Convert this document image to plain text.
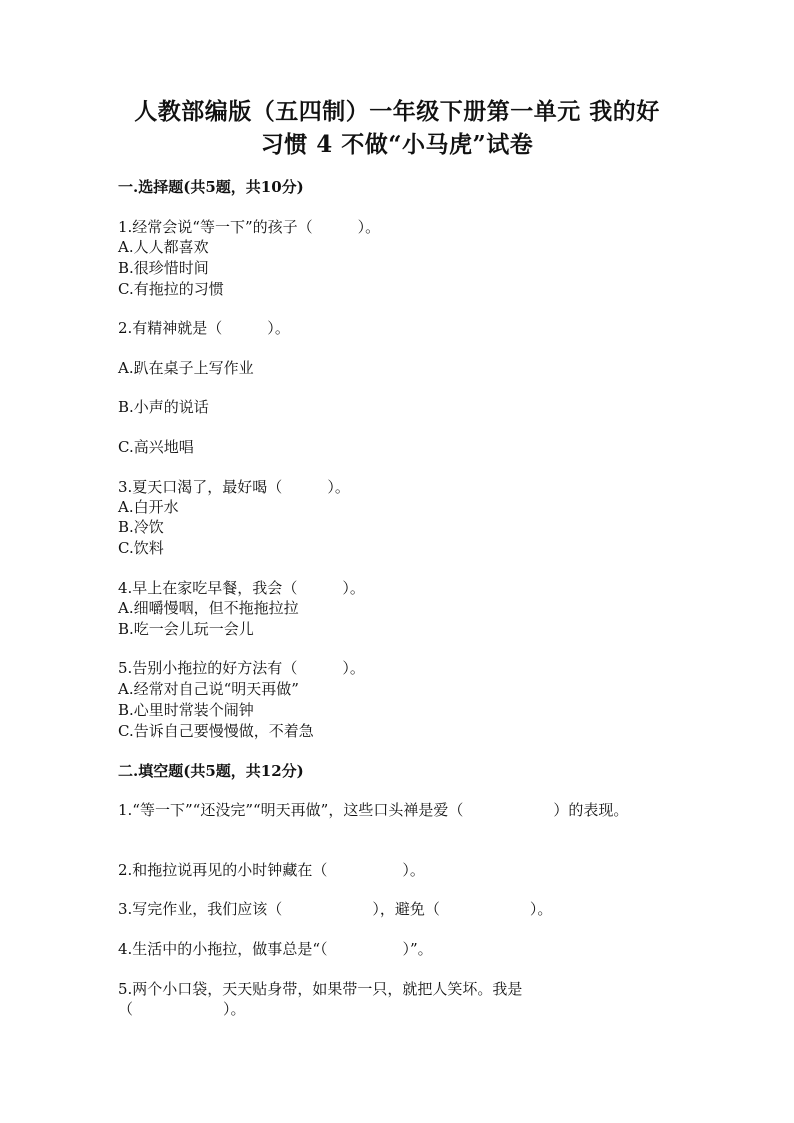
人教部编版（五四制）一年级下册第一单元 我的好
习惯 4 不做“小马虎”试卷
一.选择题(共5题，共10分)
1.经常会说“等一下”的孩子（　　　）。
A.人人都喜欢
B.很珍惜时间
C.有拖拉的习惯
2.有精神就是（　　　）。
A.趴在桌子上写作业
B.小声的说话
C.高兴地唱
3.夏天口渴了，最好喝（　　　）。
A.白开水
B.冷饮
C.饮料
4.早上在家吃早餐，我会（　　　）。
A.细嚼慢咽，但不拖拖拉拉
B.吃一会儿玩一会儿
5.告别小拖拉的好方法有（　　　）。
A.经常对自己说“明天再做”
B.心里时常装个闹钟
C.告诉自己要慢慢做，不着急
二.填空题(共5题，共12分)
1.“等一下”“还没完”“明天再做”，这些口头禅是爱（　　　　　　）的表现。
2.和拖拉说再见的小时钟藏在（　　　　　）。
3.写完作业，我们应该（　　　　　　），避免（　　　　　　）。
4.生活中的小拖拉，做事总是“（　　　　　）”。
5.两个小口袋，天天贴身带，如果带一只，就把人笑坏。我是（　　　　　　）。
